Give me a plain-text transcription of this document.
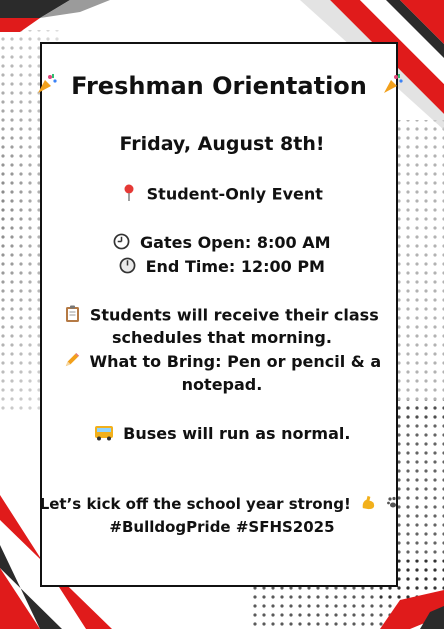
Freshman Orientation
Friday, August 8th!
Student-Only Event
Gates Open: 8:00 AM
End Time: 12:00 PM
Students will receive their class
schedules that morning.
What to Bring: Pen or pencil & a
notepad.
Buses will run as normal.
Let’s kick off the school year strong!
#BulldogPride #SFHS2025
